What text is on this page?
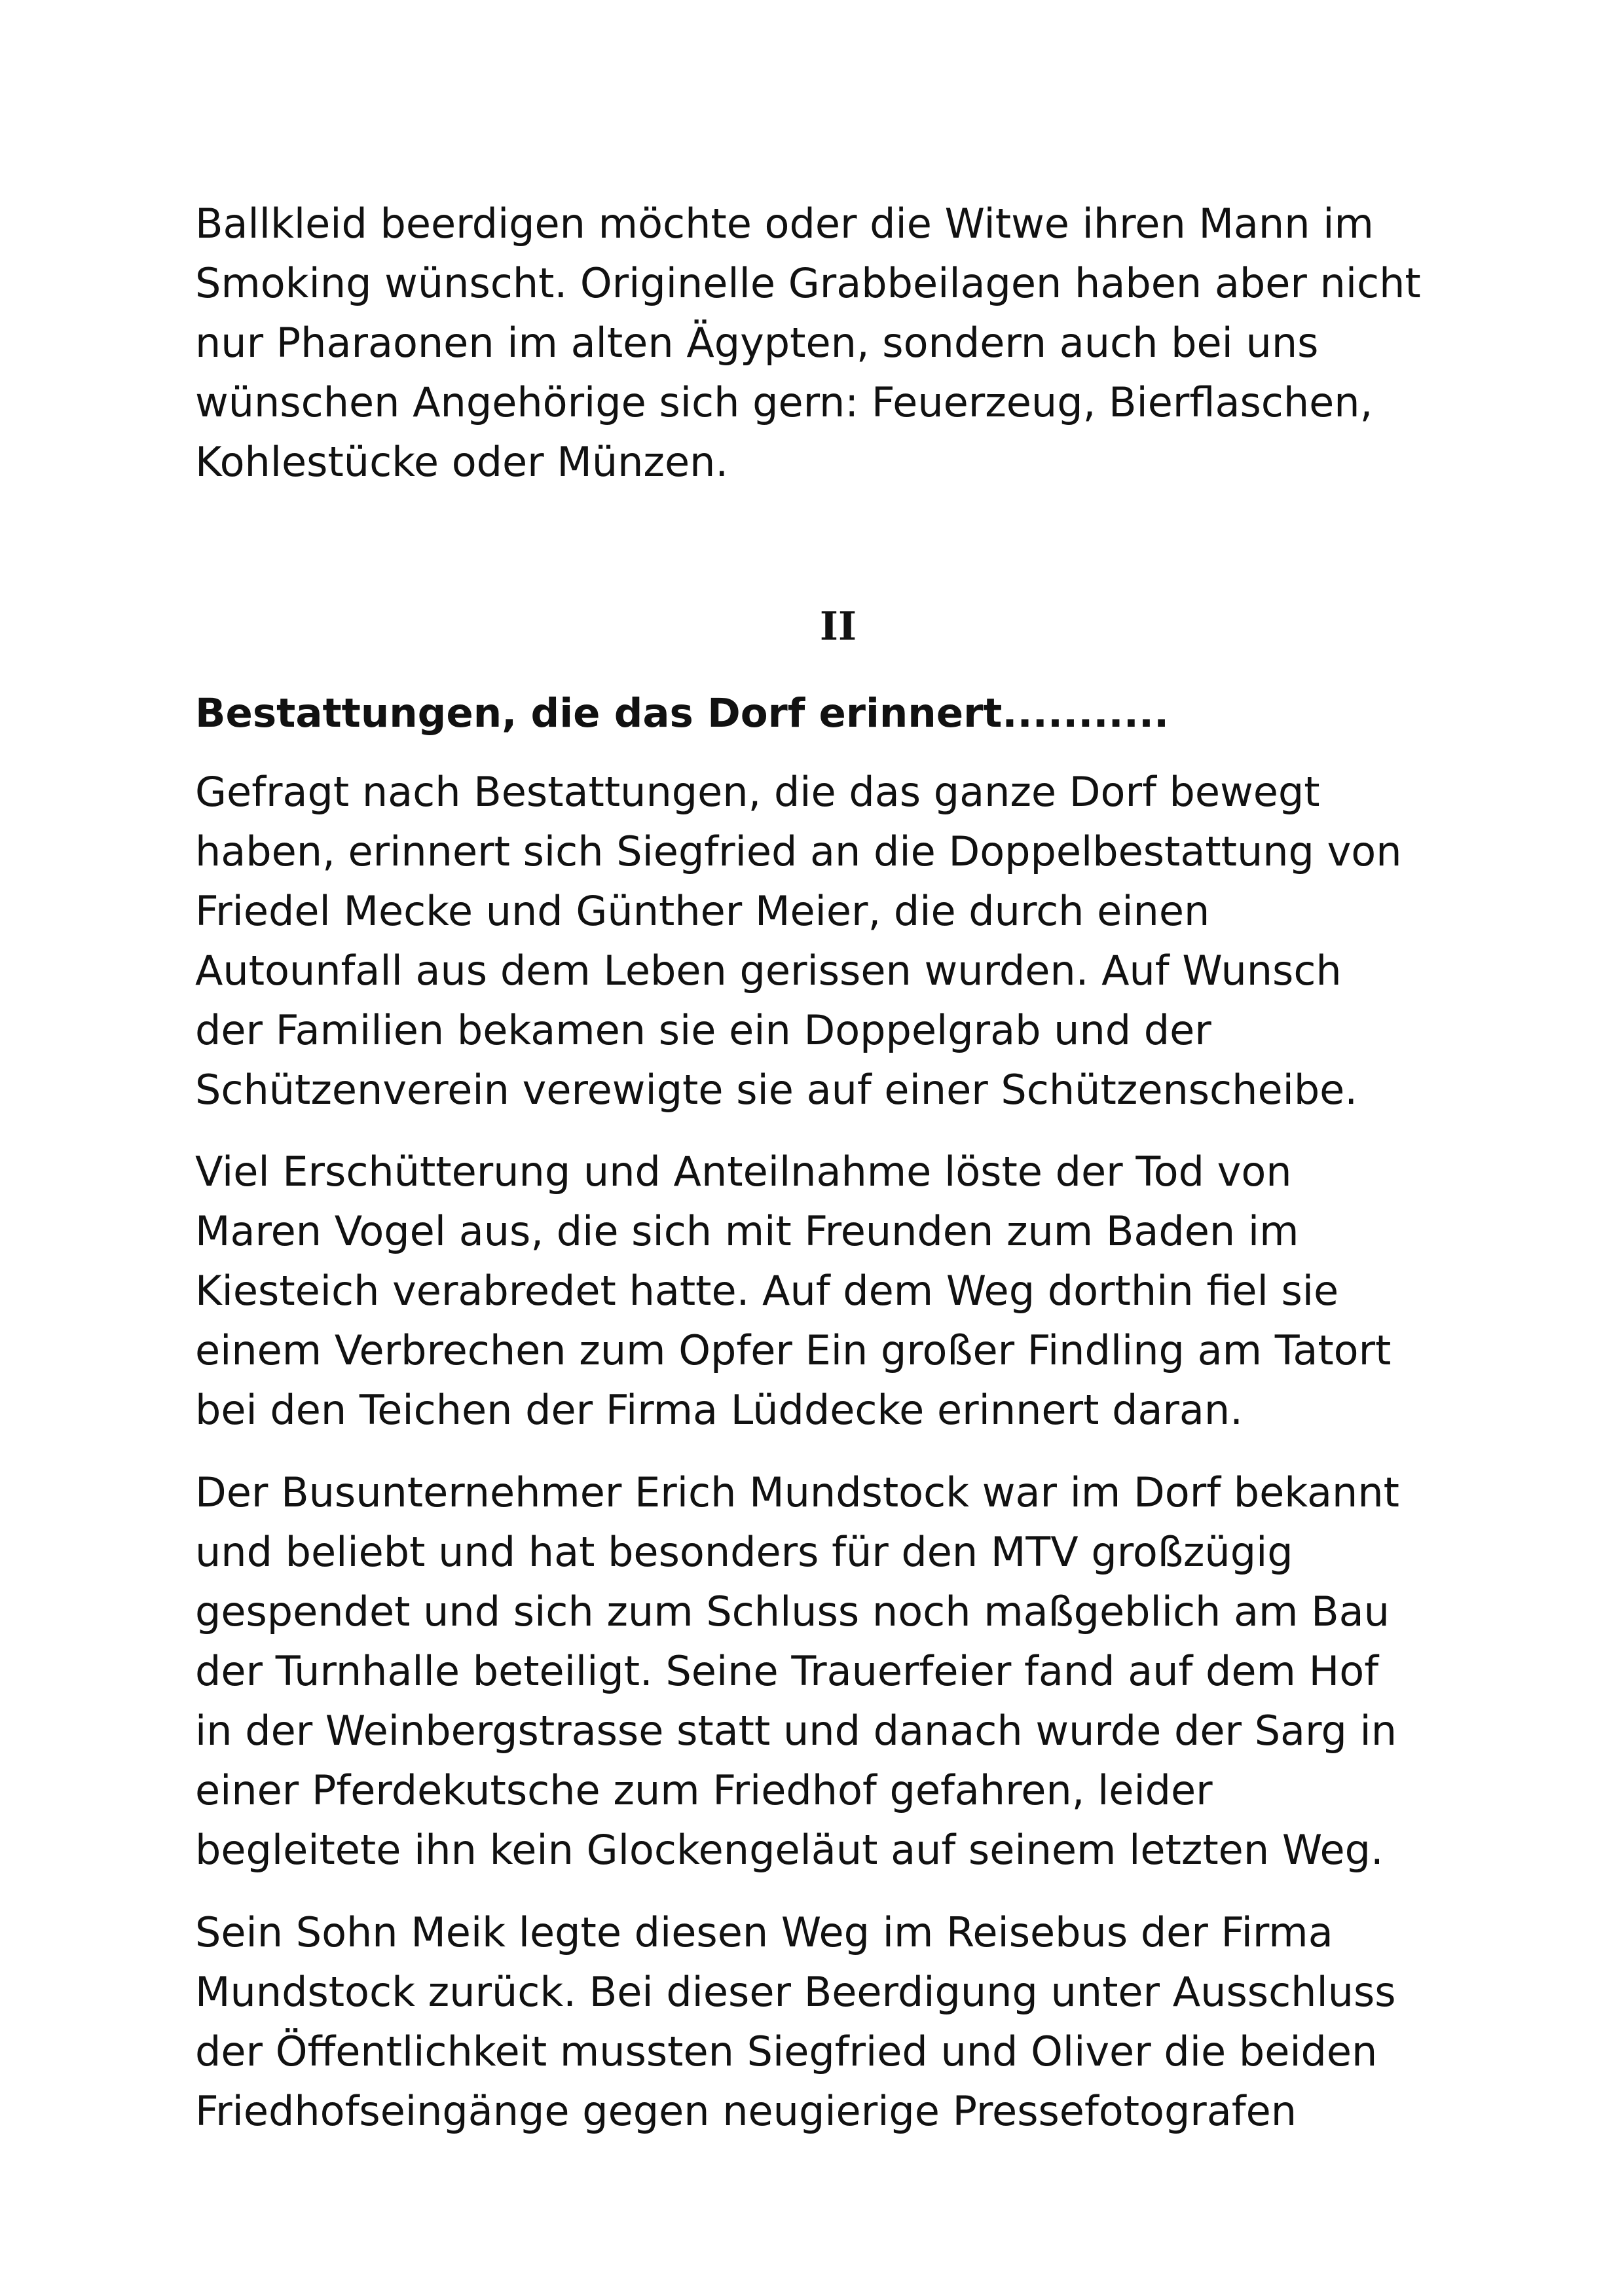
Ballkleid beerdigen möchte oder die Witwe ihren Mann im
Smoking wünscht. Originelle Grabbeilagen haben aber nicht
nur Pharaonen im alten Ägypten, sondern auch bei uns
wünschen Angehörige sich gern: Feuerzeug, Bierflaschen,
Kohlestücke oder Münzen.
II
Bestattungen, die das Dorf erinnert...........
Gefragt nach Bestattungen, die das ganze Dorf bewegt
haben, erinnert sich Siegfried an die Doppelbestattung von
Friedel Mecke und Günther Meier, die durch einen
Autounfall aus dem Leben gerissen wurden. Auf Wunsch
der Familien bekamen sie ein Doppelgrab und der
Schützenverein verewigte sie auf einer Schützenscheibe.
Viel Erschütterung und Anteilnahme löste der Tod von
Maren Vogel aus, die sich mit Freunden zum Baden im
Kiesteich verabredet hatte. Auf dem Weg dorthin fiel sie
einem Verbrechen zum Opfer Ein großer Findling am Tatort
bei den Teichen der Firma Lüddecke erinnert daran.
Der Busunternehmer Erich Mundstock war im Dorf bekannt
und beliebt und hat besonders für den MTV großzügig
gespendet und sich zum Schluss noch maßgeblich am Bau
der Turnhalle beteiligt. Seine Trauerfeier fand auf dem Hof
in der Weinbergstrasse statt und danach wurde der Sarg in
einer Pferdekutsche zum Friedhof gefahren, leider
begleitete ihn kein Glockengeläut auf seinem letzten Weg.
Sein Sohn Meik legte diesen Weg im Reisebus der Firma
Mundstock zurück. Bei dieser Beerdigung unter Ausschluss
der Öffentlichkeit mussten Siegfried und Oliver die beiden
Friedhofseingänge gegen neugierige Pressefotografen
